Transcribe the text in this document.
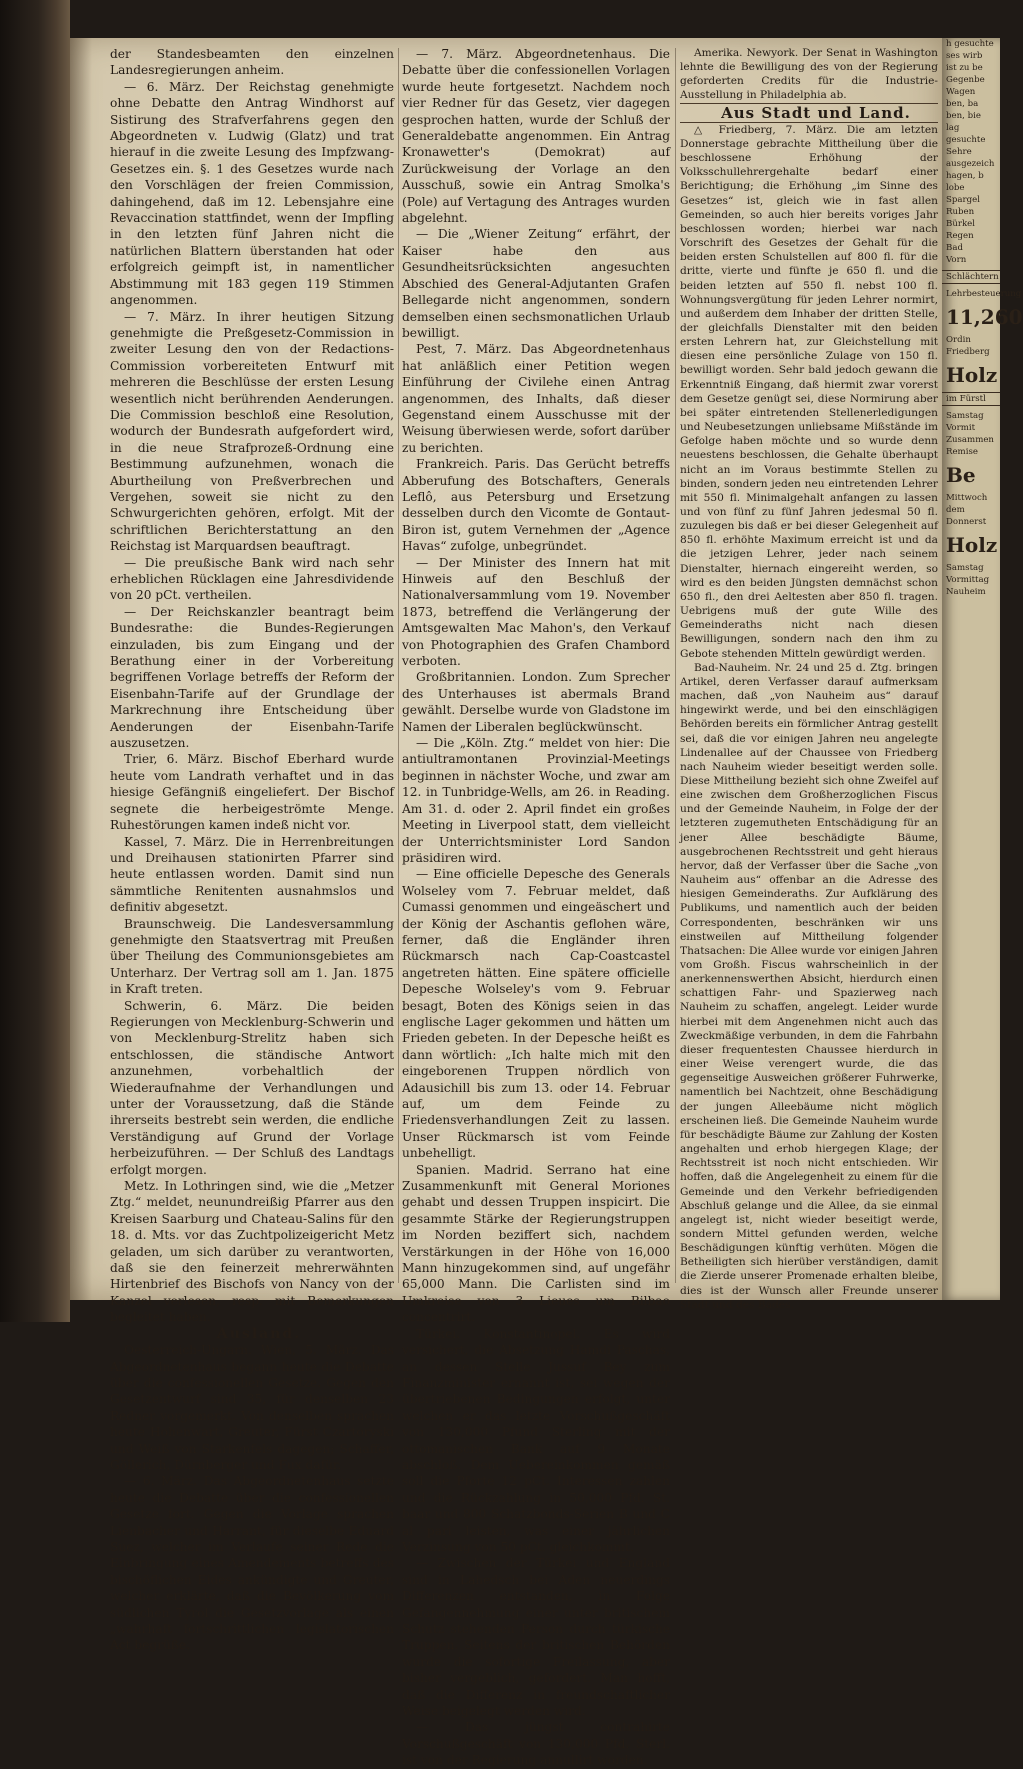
der Standesbeamten den einzelnen Landesregierungen anheim.

— 6. März. Der Reichstag genehmigte ohne Debatte den Antrag Windhorst auf Sistirung des Strafverfahrens gegen den Abgeordneten v. Ludwig (Glatz) und trat hierauf in die zweite Lesung des Impfzwang-Gesetzes ein. §. 1 des Gesetzes wurde nach den Vorschlägen der freien Commission, dahingehend, daß im 12. Lebensjahre eine Revaccination stattfindet, wenn der Impfling in den letzten fünf Jahren nicht die natürlichen Blattern überstanden hat oder erfolgreich geimpft ist, in namentlicher Abstimmung mit 183 gegen 119 Stimmen angenommen.

— 7. März. In ihrer heutigen Sitzung genehmigte die Preßgesetz-Commission in zweiter Lesung den von der Redactions-Commission vorbereiteten Entwurf mit mehreren die Beschlüsse der ersten Lesung wesentlich nicht berührenden Aenderungen. Die Commission beschloß eine Resolution, wodurch der Bundesrath aufgefordert wird, in die neue Strafprozeß-Ordnung eine Bestimmung aufzunehmen, wonach die Aburtheilung von Preßverbrechen und Vergehen, soweit sie nicht zu den Schwurgerichten gehören, erfolgt. Mit der schriftlichen Berichterstattung an den Reichstag ist Marquardsen beauftragt.

— Die preußische Bank wird nach sehr erheblichen Rücklagen eine Jahresdividende von 20 pCt. vertheilen.

— Der Reichskanzler beantragt beim Bundesrathe: die Bundes-Regierungen einzuladen, bis zum Eingang und der Berathung einer in der Vorbereitung begriffenen Vorlage betreffs der Reform der Eisenbahn-Tarife auf der Grundlage der Markrechnung ihre Entscheidung über Aenderungen der Eisenbahn-Tarife auszusetzen.

Trier, 6. März. Bischof Eberhard wurde heute vom Landrath verhaftet und in das hiesige Gefängniß eingeliefert. Der Bischof segnete die herbeigeströmte Menge. Ruhestörungen kamen indeß nicht vor.

Kassel, 7. März. Die in Herrenbreitungen und Dreihausen stationirten Pfarrer sind heute entlassen worden. Damit sind nun sämmtliche Renitenten ausnahmslos und definitiv abgesetzt.

Braunschweig. Die Landesversammlung genehmigte den Staatsvertrag mit Preußen über Theilung des Communionsgebietes am Unterharz. Der Vertrag soll am 1. Jan. 1875 in Kraft treten.

Schwerin, 6. März. Die beiden Regierungen von Mecklenburg-Schwerin und von Mecklenburg-Strelitz haben sich entschlossen, die ständische Antwort anzunehmen, vorbehaltlich der Wiederaufnahme der Verhandlungen und unter der Voraussetzung, daß die Stände ihrerseits bestrebt sein werden, die endliche Verständigung auf Grund der Vorlage herbeizuführen. — Der Schluß des Landtags erfolgt morgen.

Metz. In Lothringen sind, wie die „Metzer Ztg.“ meldet, neunundreißig Pfarrer aus den Kreisen Saarburg und Chateau-Salins für den 18. d. Mts. vor das Zuchtpolizeigericht Metz geladen, um sich darüber zu verantworten, daß sie den feinerzeit mehrerwähnten Hirtenbrief des Bischofs von Nancy von der Kanzel verlesen, resp. mit Bemerkungen begleitet haben.

Ausland.

Oesterreich-Ungarn. Wien, 5. März. Das Abgeordnetenhaus begann heute die Debatte über die confessionellen Gesetze. Gegen den Gesetzentwurf sind 35, für denselben 23 Redner vorgemerkt. Von denselben sprachen heute Hohenwart, Greuter, Fürst Czartoryski und Weiß von Starkenfels dagegen; Schaffer, Göllerich, Dürnberger und Fux dafür.

— 6. März. Das Abgeordnetenhaus setzte heute die Debatte über die confessionellen Gesetze fort. Gegen die Vorlage sprachen Lienbacher und Harrant, für dieselbe Eduard Suez, welcher im Verlaufe seiner Rede die Einbringung eines Amendements betreffs des bischöflichen Eides ankündigte und Greuter, welcher erklärte, daß die Bevölkerung vom südlichen Tyrol die Gesetzvorlage als einen „wahrhaft fortschrittlichen legislatorischen Act begrüße.

— 7. März. Abgeordnetenhaus. Die Debatte über die confessionellen Vorlagen wurde heute fortgesetzt. Nachdem noch vier Redner für das Gesetz, vier dagegen gesprochen hatten, wurde der Schluß der Generaldebatte angenommen. Ein Antrag Kronawetter's (Demokrat) auf Zurückweisung der Vorlage an den Ausschuß, sowie ein Antrag Smolka's (Pole) auf Vertagung des Antrages wurden abgelehnt.

— Die „Wiener Zeitung“ erfährt, der Kaiser habe den aus Gesundheitsrücksichten angesuchten Abschied des General-Adjutanten Grafen Bellegarde nicht angenommen, sondern demselben einen sechsmonatlichen Urlaub bewilligt.

Pest, 7. März. Das Abgeordnetenhaus hat anläßlich einer Petition wegen Einführung der Civilehe einen Antrag angenommen, des Inhalts, daß dieser Gegenstand einem Ausschusse mit der Weisung überwiesen werde, sofort darüber zu berichten.

Frankreich. Paris. Das Gerücht betreffs Abberufung des Botschafters, Generals Leflô, aus Petersburg und Ersetzung desselben durch den Vicomte de Gontaut-Biron ist, gutem Vernehmen der „Agence Havas“ zufolge, unbegründet.

— Der Minister des Innern hat mit Hinweis auf den Beschluß der Nationalversammlung vom 19. November 1873, betreffend die Verlängerung der Amtsgewalten Mac Mahon's, den Verkauf von Photographien des Grafen Chambord verboten.

Großbritannien. London. Zum Sprecher des Unterhauses ist abermals Brand gewählt. Derselbe wurde von Gladstone im Namen der Liberalen beglückwünscht.

— Die „Köln. Ztg.“ meldet von hier: Die antiultramontanen Provinzial-Meetings beginnen in nächster Woche, und zwar am 12. in Tunbridge-Wells, am 26. in Reading. Am 31. d. oder 2. April findet ein großes Meeting in Liverpool statt, dem vielleicht der Unterrichtsminister Lord Sandon präsidiren wird.

— Eine officielle Depesche des Generals Wolseley vom 7. Februar meldet, daß Cumassi genommen und eingeäschert und der König der Aschantis geflohen wäre, ferner, daß die Engländer ihren Rückmarsch nach Cap-Coastcastel angetreten hätten. Eine spätere officielle Depesche Wolseley's vom 9. Februar besagt, Boten des Königs seien in das englische Lager gekommen und hätten um Frieden gebeten. In der Depesche heißt es dann wörtlich: „Ich halte mich mit den eingeborenen Truppen nördlich von Adausichill bis zum 13. oder 14. Februar auf, um dem Feinde zu Friedensverhandlungen Zeit zu lassen. Unser Rückmarsch ist vom Feinde unbehelligt.

Spanien. Madrid. Serrano hat eine Zusammenkunft mit General Moriones gehabt und dessen Truppen inspicirt. Die gesammte Stärke der Regierungstruppen im Norden beziffert sich, nachdem Verstärkungen in der Höhe von 16,000 Mann hinzugekommen sind, auf ungefähr 65,000 Mann. Die Carlisten sind im Umkreise von 3 Lieues um Bilbao concentrirt.

Türkei. Konstantinopel. Es wird versichert, die Absetzung Hamdi Paschas, an dessen Stelle Jussuf Bey zum Finanzminister ernannt ist, sei wegen der übertriebenen Bedingungen erfolgt, unter welchen er das letzte Vorschußgeschäft von 130,000 Pfund Sterling mit der ottomanischen Bank auf 9 Monate abschloß. Dem Uebereinkommen gemäß soll die Pforte 12 pCt. Interessen zahlen und die Rückzahlung in 50,000 Pfd. St. baar und 800 Schatzbonds-Serien B und C al pari leisten, was einer jährlichen Verzinsung von 50 pCt. gleichkommt.

— Zwischen der Türkei und England sind in Lahedsch bei Aden neuerdings Differenzen entstanden, in Folge Gefangennehmung einer unter britischem Schutz stehenden Person durch türkische Truppen. Seitens der britischen Behörden wurde die sofortige Freilassung, aber bisher vergeblich, gefordert. Man hofft, daß die Differenz in freundschaftlicher Weise beigelegt werden wird.

— Das jüngst contrahirte Vorschußgeschäft von 130,000 Pfd. Sterl. ist von der Regierung annullirt worden.

Amerika. Newyork. Der Senat in Washington lehnte die Bewilligung des von der Regierung geforderten Credits für die Industrie-Ausstellung in Philadelphia ab.

Aus Stadt und Land.

△ Friedberg, 7. März. Die am letzten Donnerstage gebrachte Mittheilung über die beschlossene Erhöhung der Volksschullehrergehalte bedarf einer Berichtigung; die Erhöhung „im Sinne des Gesetzes“ ist, gleich wie in fast allen Gemeinden, so auch hier bereits voriges Jahr beschlossen worden; hierbei war nach Vorschrift des Gesetzes der Gehalt für die beiden ersten Schulstellen auf 800 fl. für die dritte, vierte und fünfte je 650 fl. und die beiden letzten auf 550 fl. nebst 100 fl. Wohnungsvergütung für jeden Lehrer normirt, und außerdem dem Inhaber der dritten Stelle, der gleichfalls Dienstalter mit den beiden ersten Lehrern hat, zur Gleichstellung mit diesen eine persönliche Zulage von 150 fl. bewilligt worden. Sehr bald jedoch gewann die Erkenntniß Eingang, daß hiermit zwar vorerst dem Gesetze genügt sei, diese Normirung aber bei später eintretenden Stellenerledigungen und Neubesetzungen unliebsame Mißstände im Gefolge haben möchte und so wurde denn neuestens beschlossen, die Gehalte überhaupt nicht an im Voraus bestimmte Stellen zu binden, sondern jeden neu eintretenden Lehrer mit 550 fl. Minimalgehalt anfangen zu lassen und von fünf zu fünf Jahren jedesmal 50 fl. zuzulegen bis daß er bei dieser Gelegenheit auf 850 fl. erhöhte Maximum erreicht ist und da die jetzigen Lehrer, jeder nach seinem Dienstalter, hiernach eingereiht werden, so wird es den beiden Jüngsten demnächst schon 650 fl., den drei Aeltesten aber 850 fl. tragen. Uebrigens muß der gute Wille des Gemeinderaths nicht nach diesen Bewilligungen, sondern nach den ihm zu Gebote stehenden Mitteln gewürdigt werden.

Bad-Nauheim. Nr. 24 und 25 d. Ztg. bringen Artikel, deren Verfasser darauf aufmerksam machen, daß „von Nauheim aus“ darauf hingewirkt werde, und bei den einschlägigen Behörden bereits ein förmlicher Antrag gestellt sei, daß die vor einigen Jahren neu angelegte Lindenallee auf der Chaussee von Friedberg nach Nauheim wieder beseitigt werden solle. Diese Mittheilung bezieht sich ohne Zweifel auf eine zwischen dem Großherzoglichen Fiscus und der Gemeinde Nauheim, in Folge der der letzteren zugemutheten Entschädigung für an jener Allee beschädigte Bäume, ausgebrochenen Rechtsstreit und geht hieraus hervor, daß der Verfasser über die Sache „von Nauheim aus“ offenbar an die Adresse des hiesigen Gemeinderaths. Zur Aufklärung des Publikums, und namentlich auch der beiden Correspondenten, beschränken wir uns einstweilen auf Mittheilung folgender Thatsachen: Die Allee wurde vor einigen Jahren vom Großh. Fiscus wahrscheinlich in der anerkennenswerthen Absicht, hierdurch einen schattigen Fahr- und Spazierweg nach Nauheim zu schaffen, angelegt. Leider wurde hierbei mit dem Angenehmen nicht auch das Zweckmäßige verbunden, in dem die Fahrbahn dieser frequentesten Chaussee hierdurch in einer Weise verengert wurde, die das gegenseitige Ausweichen größerer Fuhrwerke, namentlich bei Nachtzeit, ohne Beschädigung der jungen Alleebäume nicht möglich erscheinen ließ. Die Gemeinde Nauheim wurde für beschädigte Bäume zur Zahlung der Kosten angehalten und erhob hiergegen Klage; der Rechtsstreit ist noch nicht entschieden. Wir hoffen, daß die Angelegenheit zu einem für die Gemeinde und den Verkehr befriedigenden Abschluß gelange und die Allee, da sie einmal angelegt ist, nicht wieder beseitigt werde, sondern Mittel gefunden werden, welche Beschädigungen künftig verhüten. Mögen die Betheiligten sich hierüber verständigen, damit die Zierde unserer Promenade erhalten bleibe, dies ist der Wunsch aller Freunde unserer Stadt und des Bades.

h gesuchte
ses wirb
ist zu be
Gegenbe
Wagen
ben, ba
ben, bie
lag
gesuchte
Sehre
ausgezeich
hagen, b
lobe
Spargel
Ruben
Bürkel
Regen
Bad
Vorn
Schlächtern
Lehrbesteuerung
11,260
Ordin
Friedberg
Holz
im Fürstl
Samstag
Vormit
Zusammen
Remise
Be
Mittwoch
dem
Donnerst
Holz
Samstag
Vormittag
Nauheim
